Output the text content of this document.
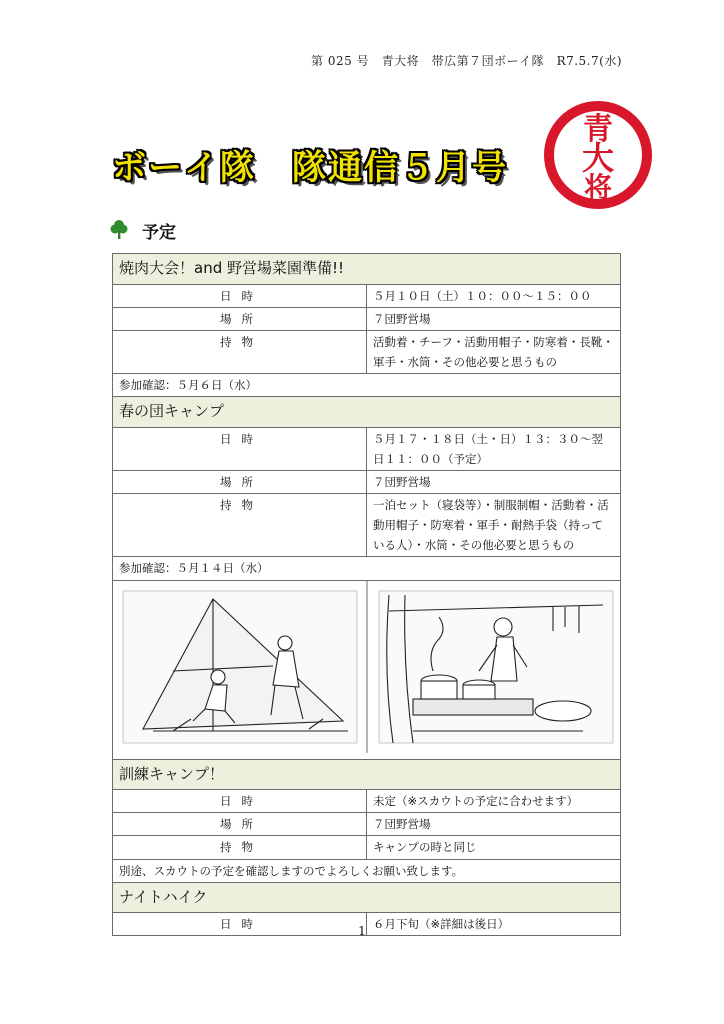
第 025 号　青大将　帯広第７団ボーイ隊　R7.5.7(水)
ボーイ隊　隊通信５月号
青
大
将
予定
焼肉大会！and 野営場菜園準備!!	
日時	５月１０日（土）１０：００〜１５：００
場所	７団野営場
持物	活動着・チーフ・活動用帽子・防寒着・長靴・軍手・水筒・その他必要と思うもの
参加確認：５月６日（水）	
春の団キャンプ	
日時	５月１７・１８日（土・日）１３：３０〜翌日１１：００（予定）
場所	７団野営場
持物	一泊セット（寝袋等）・制服制帽・活動着・活動用帽子・防寒着・軍手・耐熱手袋（持っている人）・水筒・その他必要と思うもの
参加確認：５月１４日（水）	

訓練キャンプ！	
日時	未定（※スカウトの予定に合わせます）
場所	７団野営場
持物	キャンプの時と同じ
別途、スカウトの予定を確認しますのでよろしくお願い致します。	
ナイトハイク	
日時	６月下旬（※詳細は後日）
1
